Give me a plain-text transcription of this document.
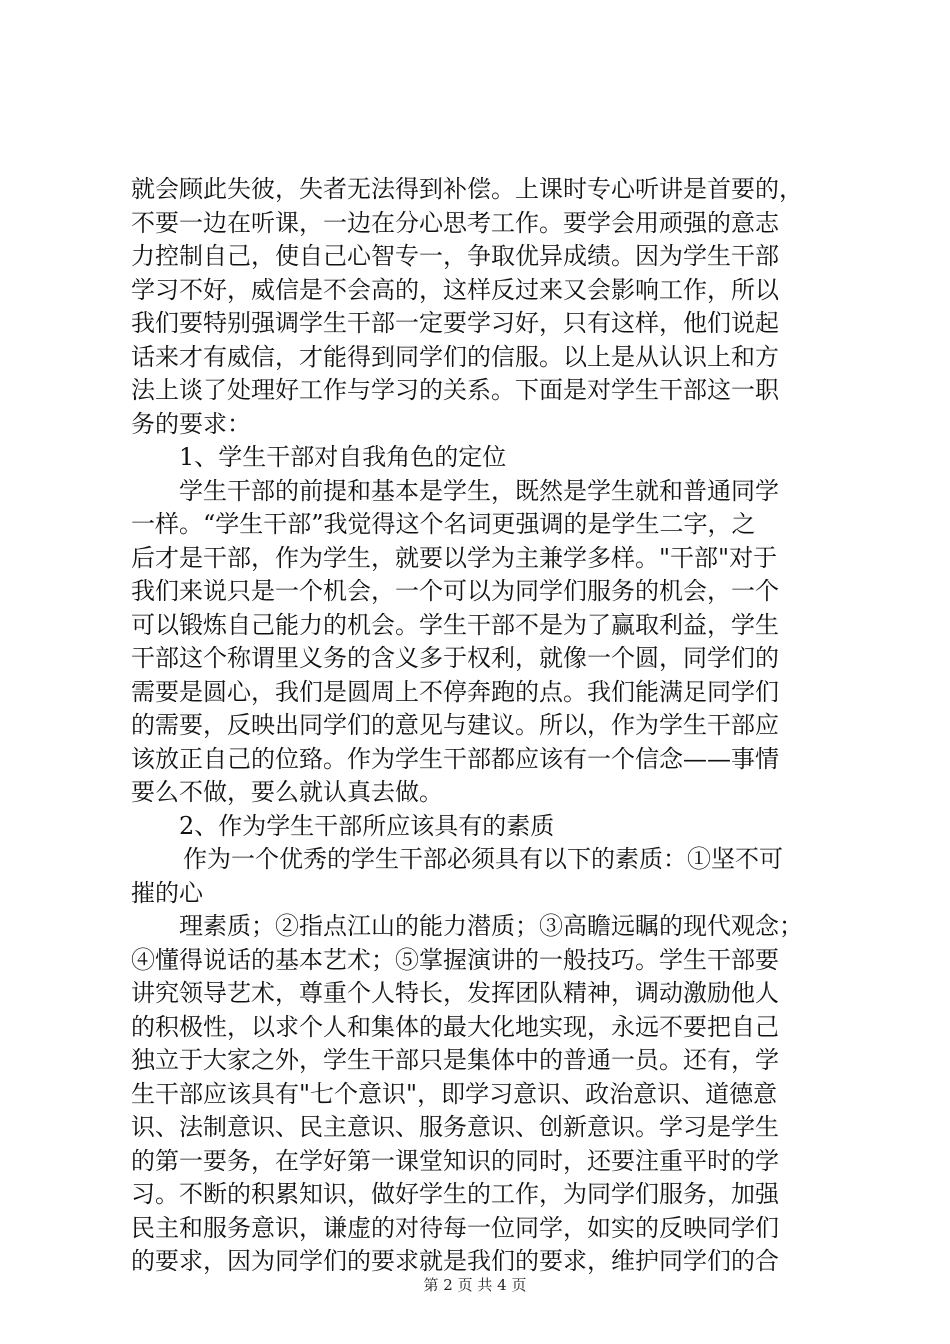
就会顾此失彼，失者无法得到补偿。上课时专心听讲是首要的，
不要一边在听课，一边在分心思考工作。要学会用顽强的意志
力控制自己，使自己心智专一，争取优异成绩。因为学生干部
学习不好，威信是不会高的，这样反过来又会影响工作，所以
我们要特别强调学生干部一定要学习好，只有这样，他们说起
话来才有威信，才能得到同学们的信服。以上是从认识上和方
法上谈了处理好工作与学习的关系。下面是对学生干部这一职
务的要求：
1、学生干部对自我角色的定位
学生干部的前提和基本是学生，既然是学生就和普通同学
一样。“学生干部”我觉得这个名词更强调的是学生二字，之
后才是干部，作为学生，就要以学为主兼学多样。"干部"对于
我们来说只是一个机会，一个可以为同学们服务的机会，一个
可以锻炼自己能力的机会。学生干部不是为了赢取利益，学生
干部这个称谓里义务的含义多于权利，就像一个圆，同学们的
需要是圆心，我们是圆周上不停奔跑的点。我们能满足同学们
的需要，反映出同学们的意见与建议。所以，作为学生干部应
该放正自己的位臵。作为学生干部都应该有一个信念——事情
要么不做，要么就认真去做。
2、作为学生干部所应该具有的素质
作为一个优秀的学生干部必须具有以下的素质：①坚不可
摧的心
理素质；②指点江山的能力潜质；③高瞻远瞩的现代观念；
④懂得说话的基本艺术；⑤掌握演讲的一般技巧。学生干部要
讲究领导艺术，尊重个人特长，发挥团队精神，调动激励他人
的积极性，以求个人和集体的最大化地实现，永远不要把自己
独立于大家之外，学生干部只是集体中的普通一员。还有，学
生干部应该具有"七个意识"，即学习意识、政治意识、道德意
识、法制意识、民主意识、服务意识、创新意识。学习是学生
的第一要务，在学好第一课堂知识的同时，还要注重平时的学
习。不断的积累知识，做好学生的工作，为同学们服务，加强
民主和服务意识，谦虚的对待每一位同学，如实的反映同学们
的要求，因为同学们的要求就是我们的要求，维护同学们的合
第 2 页 共 4 页
